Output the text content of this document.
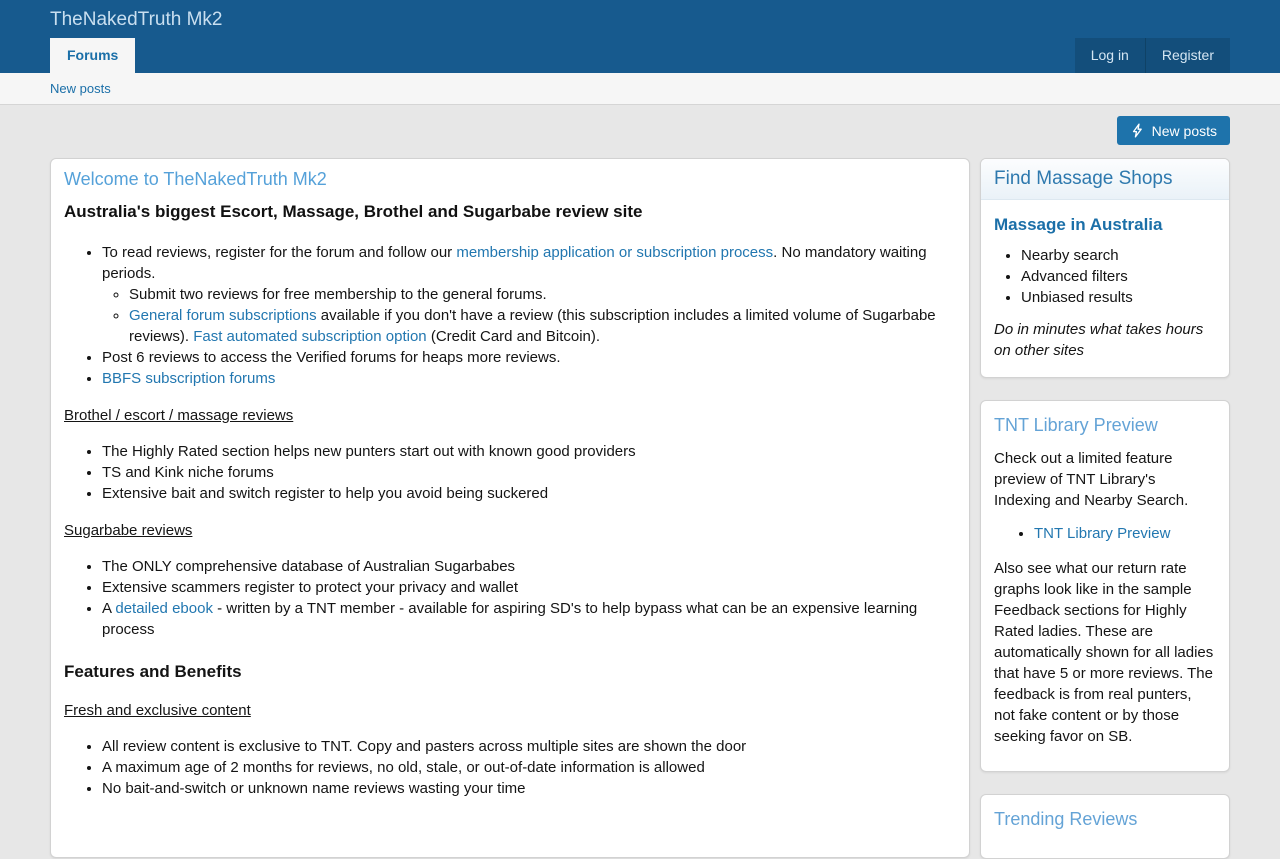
TheNakedTruth Mk2
Forums	Log in	Register
New posts
New posts
Welcome to TheNakedTruth Mk2
Australia's biggest Escort, Massage, Brothel and Sugarbabe review site
• To read reviews, register for the forum and follow our membership application or subscription process. No mandatory waiting periods.
◦ Submit two reviews for free membership to the general forums.
◦ General forum subscriptions available if you don't have a review (this subscription includes a limited volume of Sugarbabe reviews). Fast automated subscription option (Credit Card and Bitcoin).
• Post 6 reviews to access the Verified forums for heaps more reviews.
• BBFS subscription forums
Brothel / escort / massage reviews
• The Highly Rated section helps new punters start out with known good providers
• TS and Kink niche forums
• Extensive bait and switch register to help you avoid being suckered
Sugarbabe reviews
• The ONLY comprehensive database of Australian Sugarbabes
• Extensive scammers register to protect your privacy and wallet
• A detailed ebook - written by a TNT member - available for aspiring SD's to help bypass what can be an expensive learning process
Features and Benefits
Fresh and exclusive content
• All review content is exclusive to TNT. Copy and pasters across multiple sites are shown the door
• A maximum age of 2 months for reviews, no old, stale, or out-of-date information is allowed
• No bait-and-switch or unknown name reviews wasting your time
Find Massage Shops
Massage in Australia
• Nearby search
• Advanced filters
• Unbiased results

Do in minutes what takes hours on other sites

TNT Library Preview

Check out a limited feature preview of TNT Library's Indexing and Nearby Search.

• TNT Library Preview

Also see what our return rate graphs look like in the sample Feedback sections for Highly Rated ladies. These are automatically shown for all ladies that have 5 or more reviews. The feedback is from real punters, not fake content or by those seeking favor on SB.

Trending Reviews
